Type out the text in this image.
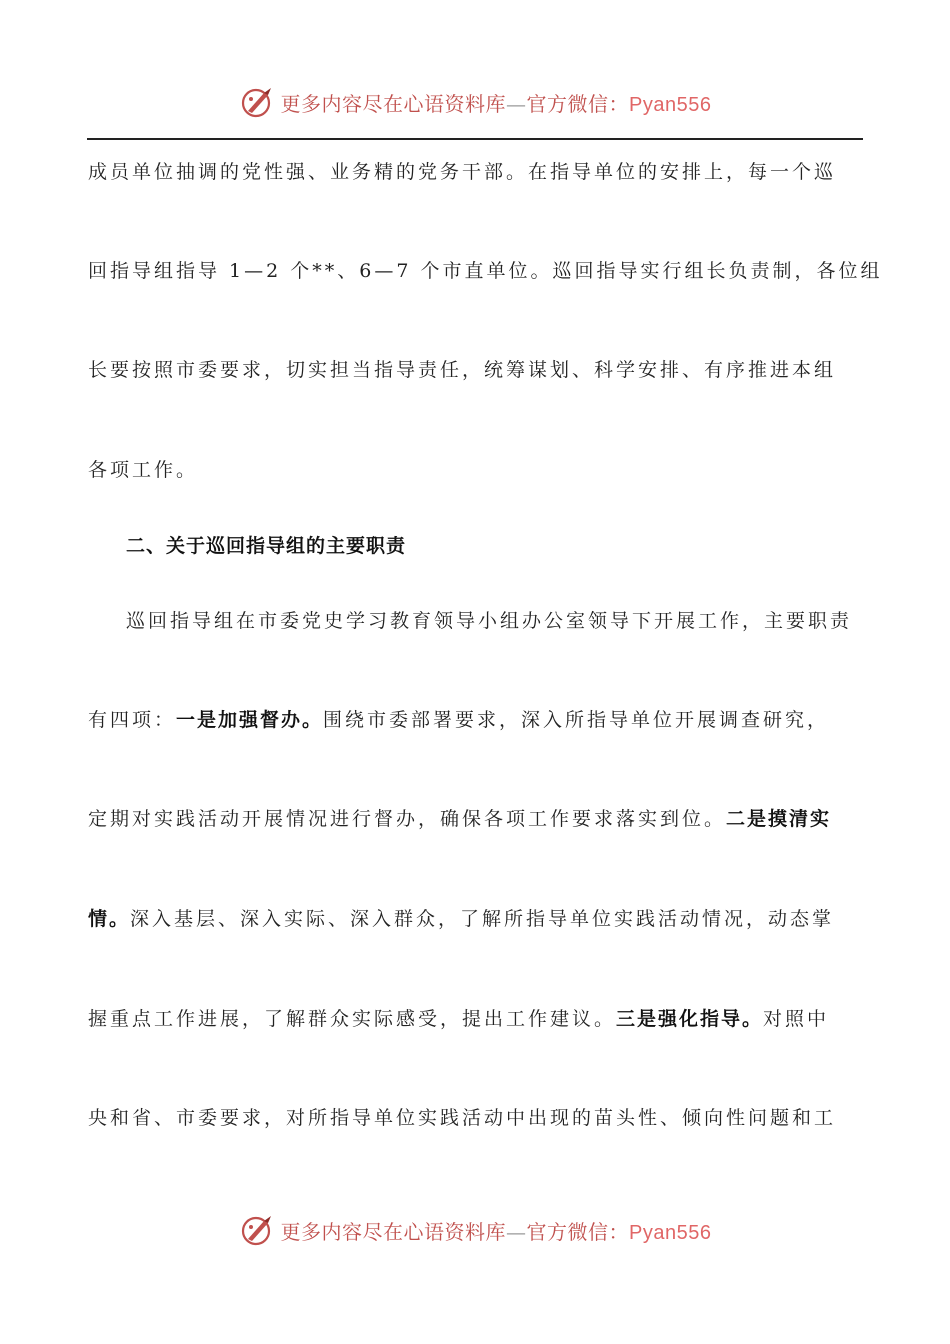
更多内容尽在心语资料库—官方微信：Pyan556
成员单位抽调的党性强、业务精的党务干部。在指导单位的安排上，每一个巡
回指导组指导 1—2 个**、6—7 个市直单位。巡回指导实行组长负责制，各位组
长要按照市委要求，切实担当指导责任，统筹谋划、科学安排、有序推进本组
各项工作。
二、关于巡回指导组的主要职责
巡回指导组在市委党史学习教育领导小组办公室领导下开展工作，主要职责
有四项：一是加强督办。围绕市委部署要求，深入所指导单位开展调查研究，
定期对实践活动开展情况进行督办，确保各项工作要求落实到位。二是摸清实
情。深入基层、深入实际、深入群众，了解所指导单位实践活动情况，动态掌
握重点工作进展，了解群众实际感受，提出工作建议。三是强化指导。对照中
央和省、市委要求，对所指导单位实践活动中出现的苗头性、倾向性问题和工
更多内容尽在心语资料库—官方微信：Pyan556
